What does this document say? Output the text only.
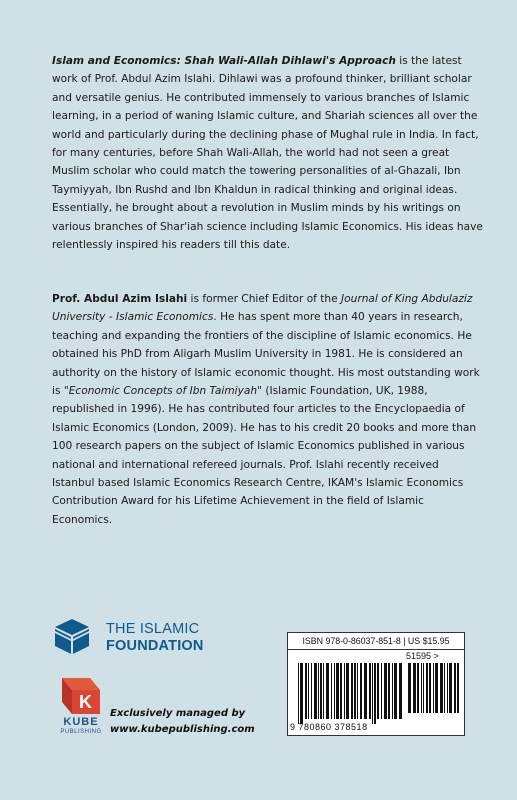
Islam and Economics: Shah Wali-Allah Dihlawi's Approach is the latest work of Prof. Abdul Azim Islahi. Dihlawi was a profound thinker, brilliant scholar and versatile genius. He contributed immensely to various branches of Islamic learning, in a period of waning Islamic culture, and Shariah sciences all over the world and particularly during the declining phase of Mughal rule in India. In fact, for many centuries, before Shah Wali-Allah, the world had not seen a great Muslim scholar who could match the towering personalities of al-Ghazali, Ibn Taymiyyah, Ibn Rushd and Ibn Khaldun in radical thinking and original ideas. Essentially, he brought about a revolution in Muslim minds by his writings on various branches of Shar'iah science including Islamic Economics. His ideas have relentlessly inspired his readers till this date.

Prof. Abdul Azim Islahi is former Chief Editor of the Journal of King Abdulaziz University - Islamic Economics. He has spent more than 40 years in research, teaching and expanding the frontiers of the discipline of Islamic economics. He obtained his PhD from Aligarh Muslim University in 1981. He is considered an authority on the history of Islamic economic thought. His most outstanding work is "Economic Concepts of Ibn Taimiyah" (Islamic Foundation, UK, 1988, republished in 1996). He has contributed four articles to the Encyclopaedia of Islamic Economics (London, 2009). He has to his credit 20 books and more than 100 research papers on the subject of Islamic Economics published in various national and international refereed journals. Prof. Islahi recently received Istanbul based Islamic Economics Research Centre, IKAM's Islamic Economics Contribution Award for his Lifetime Achievement in the field of Islamic Economics.

THE ISLAMIC
FOUNDATION
K
KUBE
PUBLISHING
Exclusively managed by
www.kubepublishing.com
ISBN 978-0-86037-851-8 | US $15.95
51595 >
9 780860 378518
